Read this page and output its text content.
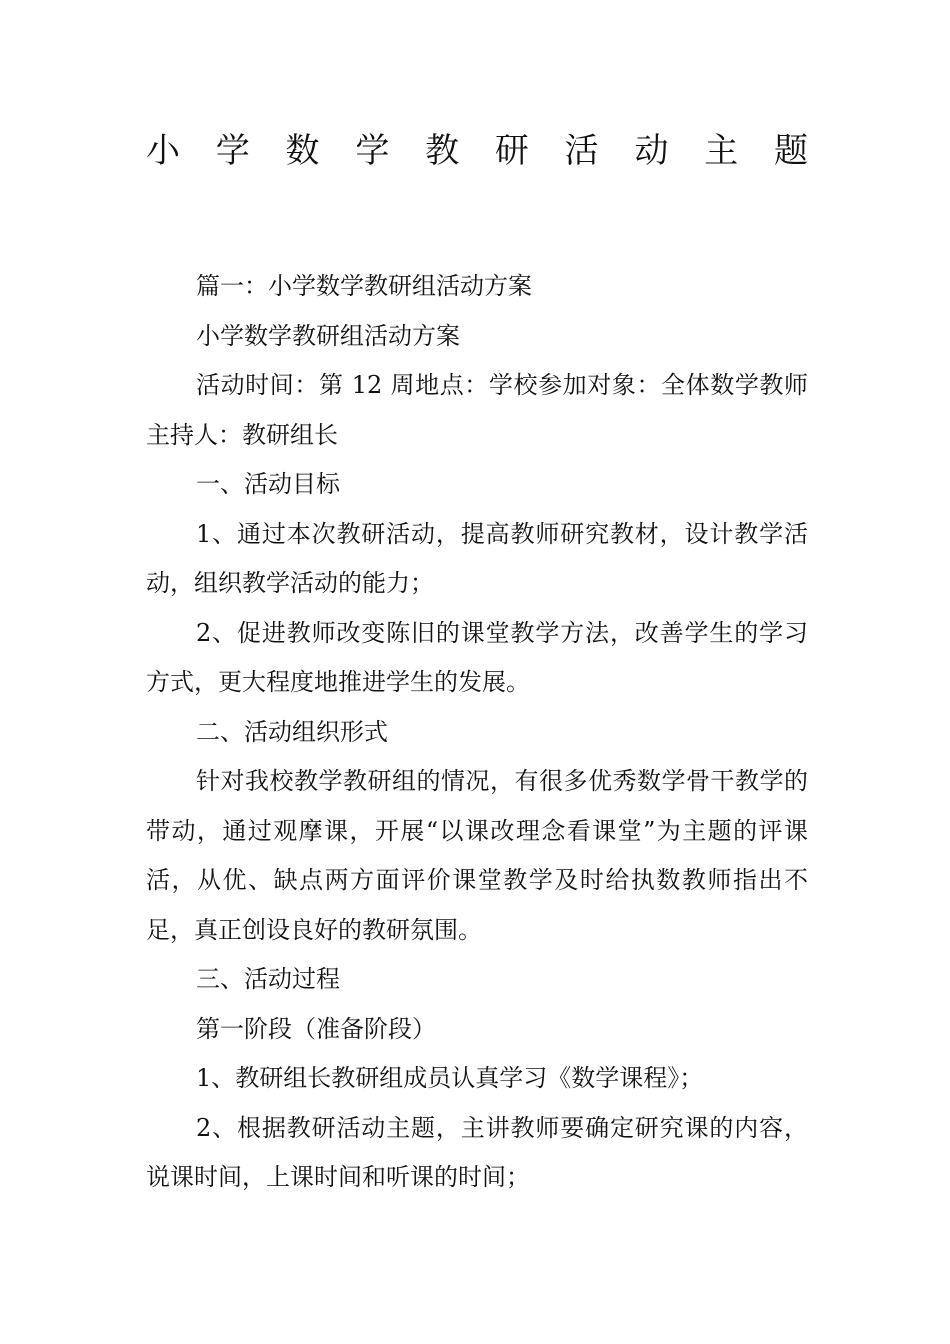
小学数学教研活动主题

篇一：小学数学教研组活动方案

小学数学教研组活动方案

活动时间：第 12 周地点：学校参加对象：全体数学教师主持人：教研组长

一、活动目标

1、通过本次教研活动，提高教师研究教材，设计教学活动，组织教学活动的能力；

2、促进教师改变陈旧的课堂教学方法，改善学生的学习方式，更大程度地推进学生的发展。

二、活动组织形式

针对我校教学教研组的情况，有很多优秀数学骨干教学的带动，通过观摩课，开展“以课改理念看课堂”为主题的评课活，从优、缺点两方面评价课堂教学及时给执数教师指出不足，真正创设良好的教研氛围。

三、活动过程

第一阶段（准备阶段）

1、教研组长教研组成员认真学习《数学课程》；

2、根据教研活动主题，主讲教师要确定研究课的内容，说课时间，上课时间和听课的时间；
